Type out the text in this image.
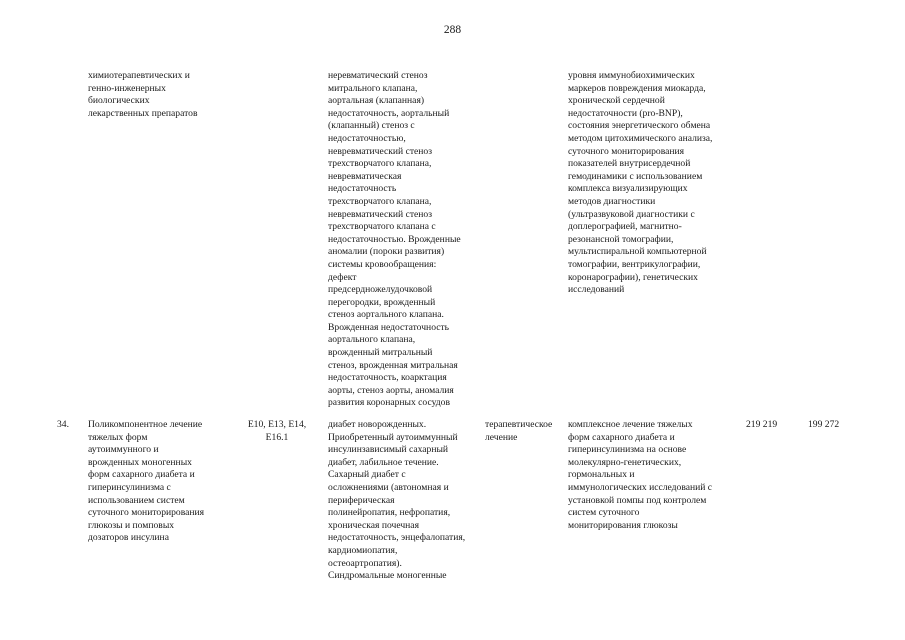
288
химиотерапевтических и
генно-инженерных
биологических
лекарственных препаратов
неревматический стеноз
митрального клапана,
аортальная (клапанная)
недостаточность, аортальный
(клапанный) стеноз с
недостаточностью,
невревматический стеноз
трехстворчатого клапана,
невревматическая
недостаточность
трехстворчатого клапана,
невревматический стеноз
трехстворчатого клапана с
недостаточностью. Врожденные
аномалии (пороки развития)
системы кровообращения:
дефект
предсердножелудочковой
перегородки, врожденный
стеноз аортального клапана.
Врожденная недостаточность
аортального клапана,
врожденный митральный
стеноз, врожденная митральная
недостаточность, коарктация
аорты, стеноз аорты, аномалия
развития коронарных сосудов
уровня иммунобиохимических
маркеров повреждения миокарда,
хронической сердечной
недостаточности (pro-BNP),
состояния энергетического обмена
методом цитохимического анализа,
суточного мониторирования
показателей внутрисердечной
гемодинамики с использованием
комплекса визуализирующих
методов диагностики
(ультразвуковой диагностики с
доплерографией, магнитно-
резонансной томографии,
мультиспиральной компьютерной
томографии, вентрикулографии,
коронарографии), генетических
исследований
34.	Поликомпонентное лечение
тяжелых форм
аутоиммунного и
врожденных моногенных
форм сахарного диабета и
гиперинсулинизма с
использованием систем
суточного мониторирования
глюкозы и помповых
дозаторов инсулина
E10, E13, E14,
E16.1
диабет новорожденных.
Приобретенный аутоиммунный
инсулинзависимый сахарный
диабет, лабильное течение.
Сахарный диабет с
осложнениями (автономная и
периферическая
полинейропатия, нефропатия,
хроническая почечная
недостаточность, энцефалопатия,
кардиомиопатия,
остеоартропатия).
Синдромальные моногенные
терапевтическое
лечение
комплексное лечение тяжелых
форм сахарного диабета и
гиперинсулинизма на основе
молекулярно-генетических,
гормональных и
иммунологических исследований с
установкой помпы под контролем
систем суточного
мониторирования глюкозы
219 219	199 272
